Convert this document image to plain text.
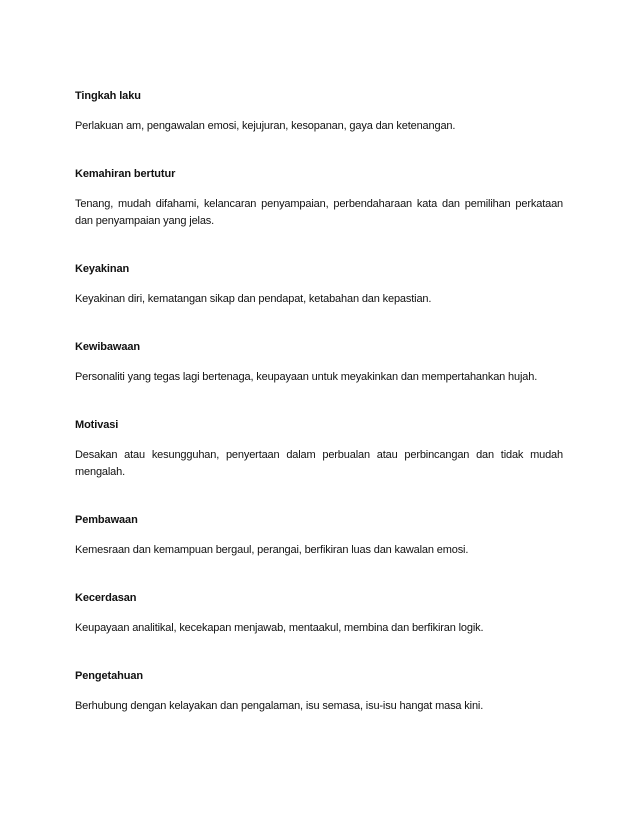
Tingkah laku

Perlakuan am, pengawalan emosi, kejujuran, kesopanan, gaya dan ketenangan.

Kemahiran bertutur

Tenang, mudah difahami, kelancaran penyampaian, perbendaharaan kata dan pemilihan perkataan dan penyampaian yang jelas.

Keyakinan

Keyakinan diri, kematangan sikap dan pendapat, ketabahan dan kepastian.

Kewibawaan

Personaliti yang tegas lagi bertenaga, keupayaan untuk meyakinkan dan mempertahankan hujah.

Motivasi

Desakan atau kesungguhan, penyertaan dalam perbualan atau perbincangan dan tidak mudah mengalah.

Pembawaan

Kemesraan dan kemampuan bergaul, perangai, berfikiran luas dan kawalan emosi.

Kecerdasan

Keupayaan analitikal, kecekapan menjawab, mentaakul, membina dan berfikiran logik.

Pengetahuan

Berhubung dengan kelayakan dan pengalaman, isu semasa, isu-isu hangat masa kini.
